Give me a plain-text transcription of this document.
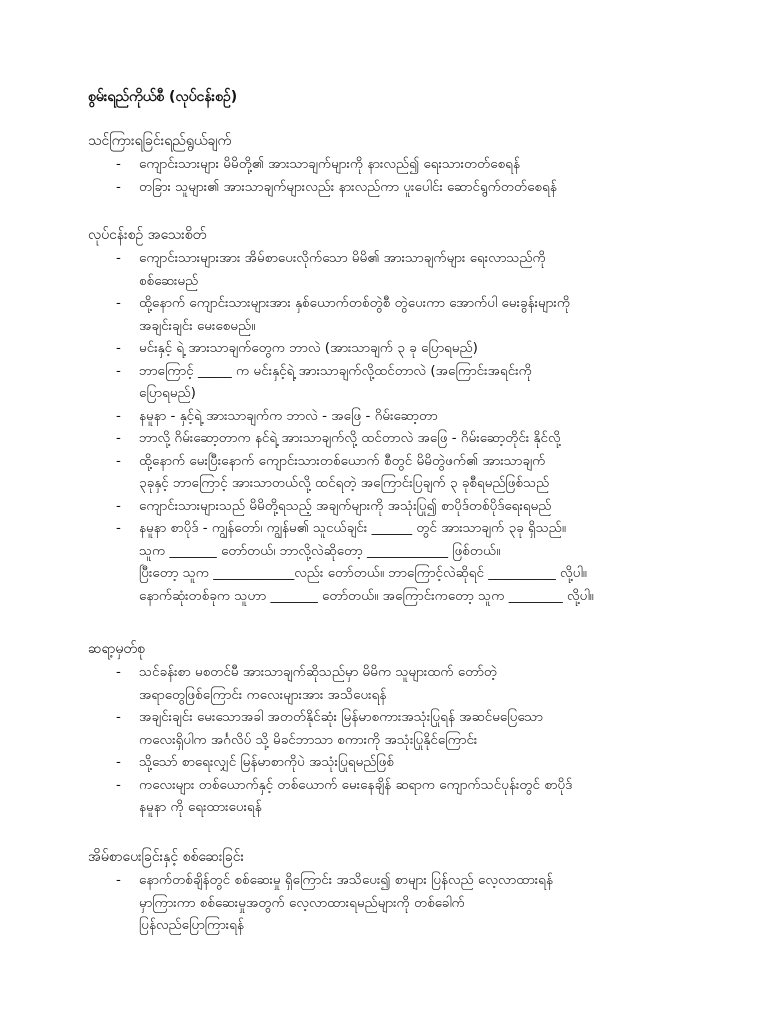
စွမ်းရည်ကိုယ်စီ (လုပ်ငန်းစဉ်)
သင်ကြားရခြင်းရည်ရွယ်ချက်
- ကျောင်းသားများ မိမိတို့၏ အားသာချက်များကို နားလည်၍ ရေးသားတတ်စေရန်
- တခြား သူများ၏ အားသာချက်များလည်း နားလည်ကာ ပူးပေါင်း ဆောင်ရွက်တတ်စေရန်
လုပ်ငန်းစဉ် အသေးစိတ်
- ကျောင်းသားများအား အိမ်စာပေးလိုက်သော မိမိ၏ အားသာချက်များ ရေးလာသည်ကို
စစ်ဆေးမည်
- ထို့နောက် ကျောင်းသားများအား နှစ်ယောက်တစ်တွဲစီ တွဲပေးကာ အောက်ပါ မေးခွန်းများကို
အချင်းချင်း မေးစေမည်။
- မင်းနှင့် ရဲ့ အားသာချက်တွေက ဘာလဲ (အားသာချက် ၃ ခု ပြောရမည်)
- ဘာကြောင့် _____ က မင်းနှင့်ရဲ့ အားသာချက်လို့ထင်တာလဲ (အကြောင်းအရင်းကို
ပြောရမည်)
- နမူနာ - နှင့်ရဲ့ အားသာချက်က ဘာလဲ - အဖြေ - ဂိမ်းဆော့တာ
- ဘာလို့ ဂိမ်းဆော့တာက နင်ရဲ့ အားသာချက်လို့ ထင်တာလဲ အဖြေ - ဂိမ်းဆော့တိုင်း နိုင်လို့
- ထို့နောက် မေးပြီးနောက် ကျောင်းသားတစ်ယောက် စီတွင် မိမိတွဲဖက်၏ အားသာချက်
၃ခုနှင့် ဘာကြောင့် အားသာတယ်လို့ ထင်ရတဲ့ အကြောင်းပြချက် ၃ ခုစီရမည်ဖြစ်သည်
- ကျောင်းသားများသည် မိမိတို့ရသည့် အချက်များကို အသုံးပြု၍ စာပိုဒ်တစ်ပိုဒ်ရေးရမည်
- နမူနာ စာပိုဒ် - ကျွန်တော်၊ ကျွန်မ၏ သူငယ်ချင်း ______ တွင် အားသာချက် ၃ခု ရှိသည်။
သူက _______ တော်တယ်၊ ဘာလို့လဲဆိုတော့ ____________ ဖြစ်တယ်။
ပြီးတော့ သူက ____________လည်း တော်တယ်။ ဘာကြောင့်လဲဆိုရင် __________ လို့ပါ။
နောက်ဆုံးတစ်ခုက သူဟာ _______ တော်တယ်။ အကြောင်းကတော့ သူက ________ လို့ပါ။
ဆရာ့မှတ်စု
- သင်ခန်းစာ မစတင်မီ အားသာချက်ဆိုသည်မှာ မိမိက သူများထက် တော်တဲ့
အရာတွေဖြစ်ကြောင်း ကလေးများအား အသိပေးရန်
- အချင်းချင်း မေးသောအခါ အတတ်နိုင်ဆုံး မြန်မာစကားအသုံးပြုရန် အဆင်မပြေသော
ကလေးရှိပါက အင်္ဂလိပ် သို့ မိခင်ဘာသာ စကားကို အသုံးပြုနိုင်ကြောင်း
- သို့သော် စာရေးလျှင် မြန်မာစာကိုပဲ အသုံးပြုရမည်ဖြစ်
- ကလေးများ တစ်ယောက်နှင့် တစ်ယောက် မေးနေချိန် ဆရာက ကျောက်သင်ပုန်းတွင် စာပိုဒ်
နမူနာ ကို ရေးထားပေးရန်
အိမ်စာပေးခြင်းနှင့် စစ်ဆေးခြင်း
- နောက်တစ်ချိန်တွင် စစ်ဆေးမှု ရှိကြောင်း အသိပေး၍ စာများ ပြန်လည် လေ့လာထားရန်
မှာကြားကာ စစ်ဆေးမှုအတွက် လေ့လာထားရမည်များကို တစ်ခေါက်
ပြန်လည်ပြောကြားရန်
